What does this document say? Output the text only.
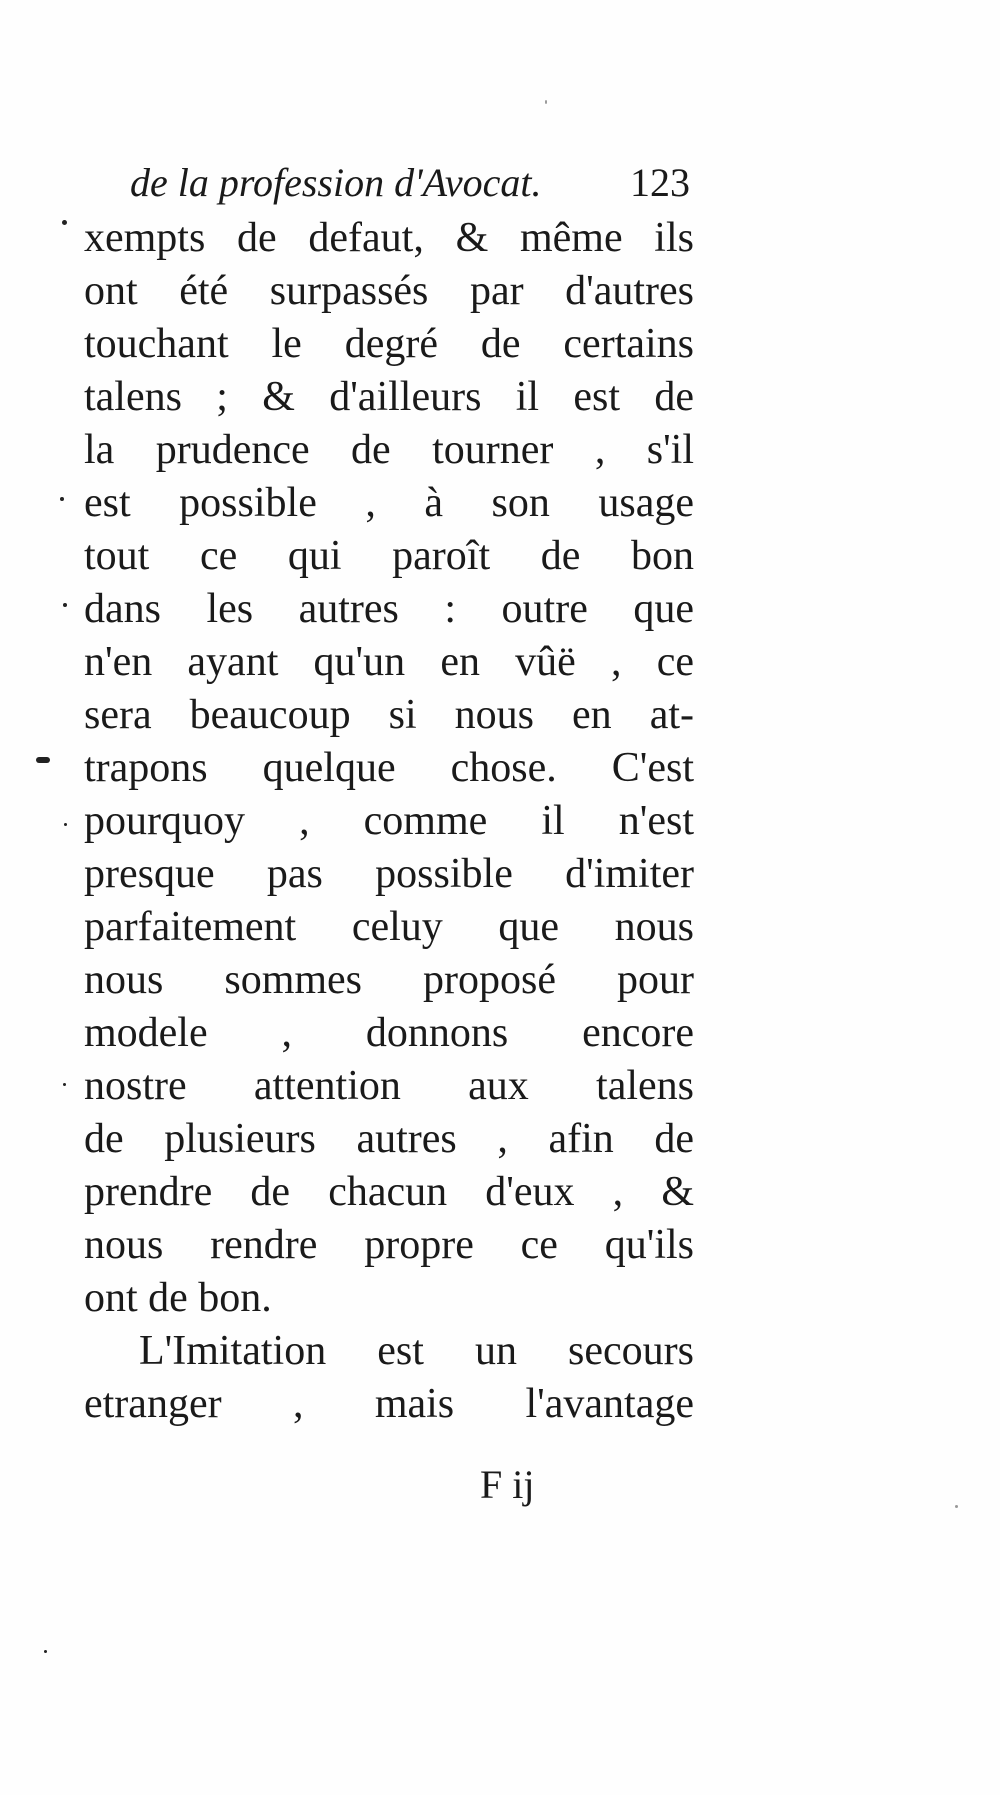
de la profession d'Avocat. 123
xempts de defaut, & même ils
ont été surpassés par d'autres
touchant le degré de certains
talens ; & d'ailleurs il est de
la prudence de tourner , s'il
est possible , à son usage
tout ce qui paroît de bon
dans les autres : outre que
n'en ayant qu'un en vûë , ce
sera beaucoup si nous en at-
trapons quelque chose. C'est
pourquoy , comme il n'est
presque pas possible d'imiter
parfaitement celuy que nous
nous sommes proposé pour
modele , donnons encore
nostre attention aux talens
de plusieurs autres , afin de
prendre de chacun d'eux , &
nous rendre propre ce qu'ils
ont de bon.
L'Imitation est un secours
etranger , mais l'avantage
F ij
